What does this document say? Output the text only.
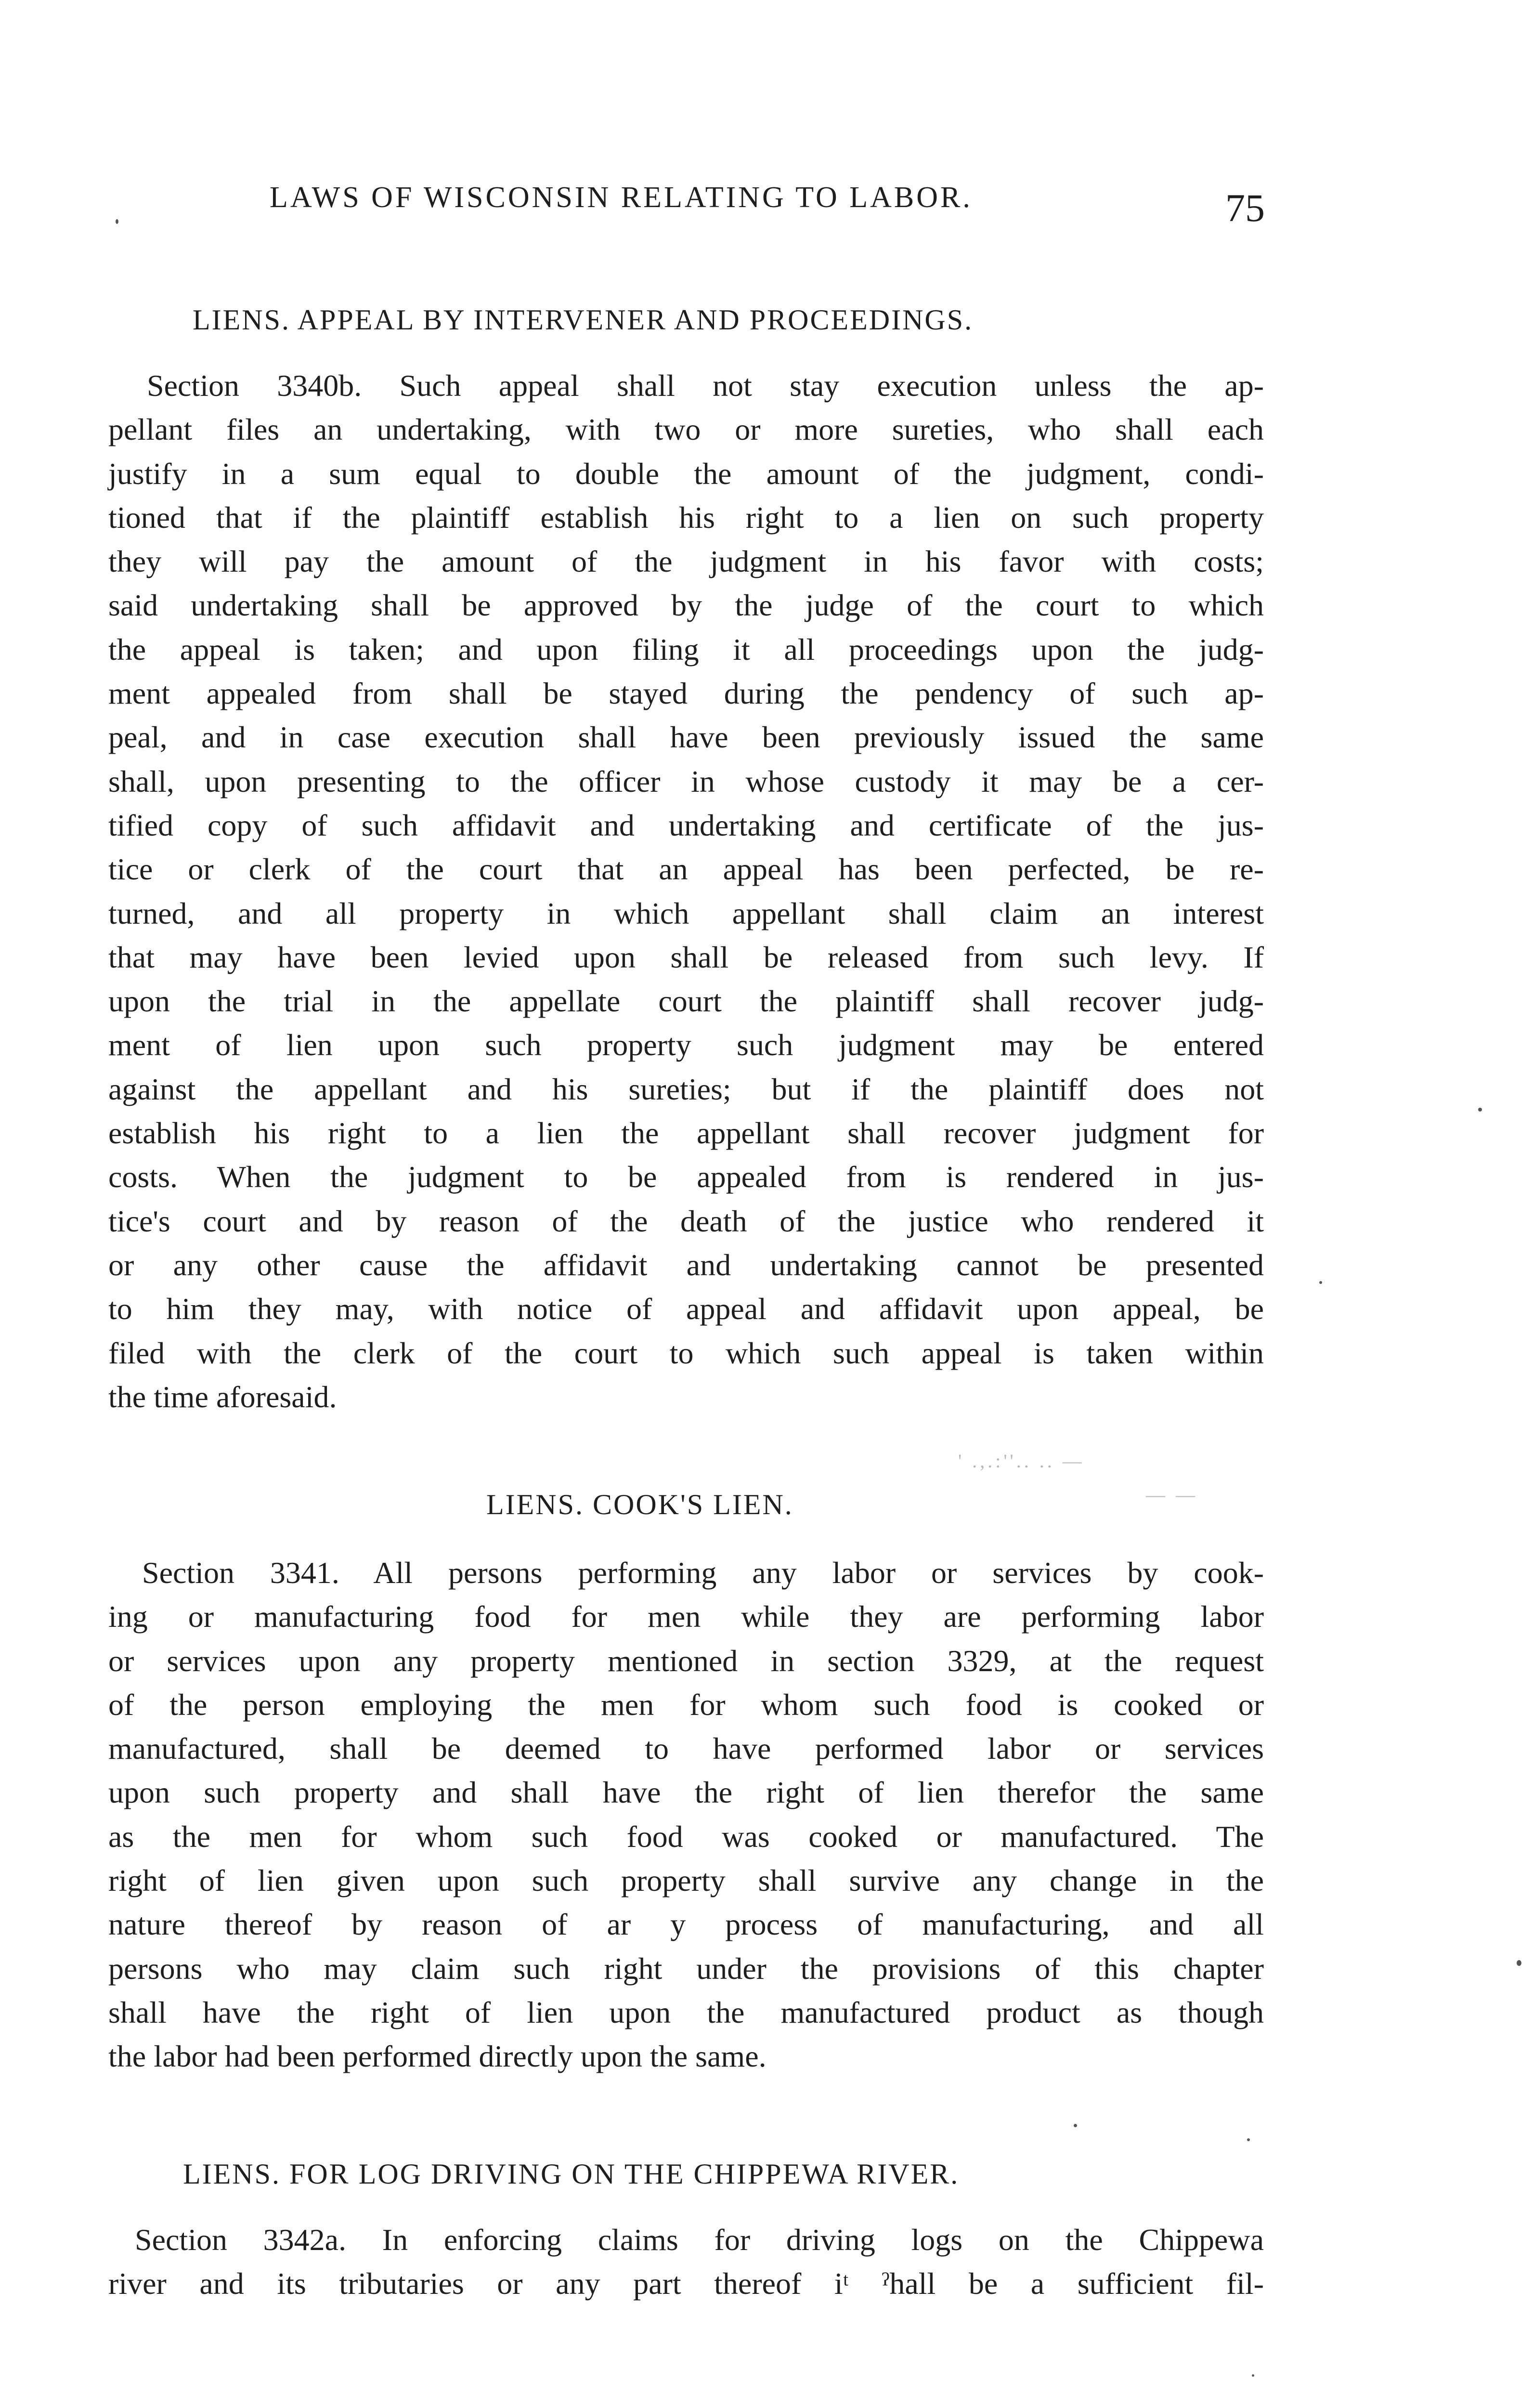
LAWS OF WISCONSIN RELATING TO LABOR.	75
LIENS. APPEAL BY INTERVENER AND PROCEEDINGS.
Section 3340b. Such appeal shall not stay execution unless the ap-
pellant files an undertaking, with two or more sureties, who shall each
justify in a sum equal to double the amount of the judgment, condi-
tioned that if the plaintiff establish his right to a lien on such property
they will pay the amount of the judgment in his favor with costs;
said undertaking shall be approved by the judge of the court to which
the appeal is taken; and upon filing it all proceedings upon the judg-
ment appealed from shall be stayed during the pendency of such ap-
peal, and in case execution shall have been previously issued the same
shall, upon presenting to the officer in whose custody it may be a cer-
tified copy of such affidavit and undertaking and certificate of the jus-
tice or clerk of the court that an appeal has been perfected, be re-
turned, and all property in which appellant shall claim an interest
that may have been levied upon shall be released from such levy. If
upon the trial in the appellate court the plaintiff shall recover judg-
ment of lien upon such property such judgment may be entered
against the appellant and his sureties; but if the plaintiff does not
establish his right to a lien the appellant shall recover judgment for
costs. When the judgment to be appealed from is rendered in jus-
tice's court and by reason of the death of the justice who rendered it
or any other cause the affidavit and undertaking cannot be presented
to him they may, with notice of appeal and affidavit upon appeal, be
filed with the clerk of the court to which such appeal is taken within
the time aforesaid.
' .,.:''.. .. —
— —
LIENS. COOK'S LIEN.
Section 3341. All persons performing any labor or services by cook-
ing or manufacturing food for men while they are performing labor
or services upon any property mentioned in section 3329, at the request
of the person employing the men for whom such food is cooked or
manufactured, shall be deemed to have performed labor or services
upon such property and shall have the right of lien therefor the same
as the men for whom such food was cooked or manufactured. The
right of lien given upon such property shall survive any change in the
nature thereof by reason of ar y process of manufacturing, and all
persons who may claim such right under the provisions of this chapter
shall have the right of lien upon the manufactured product as though
the labor had been performed directly upon the same.
LIENS. FOR LOG DRIVING ON THE CHIPPEWA RIVER.
Section 3342a. In enforcing claims for driving logs on the Chippewa
river and its tributaries or any part thereof iᵗ ˀhall be a sufficient fil-
